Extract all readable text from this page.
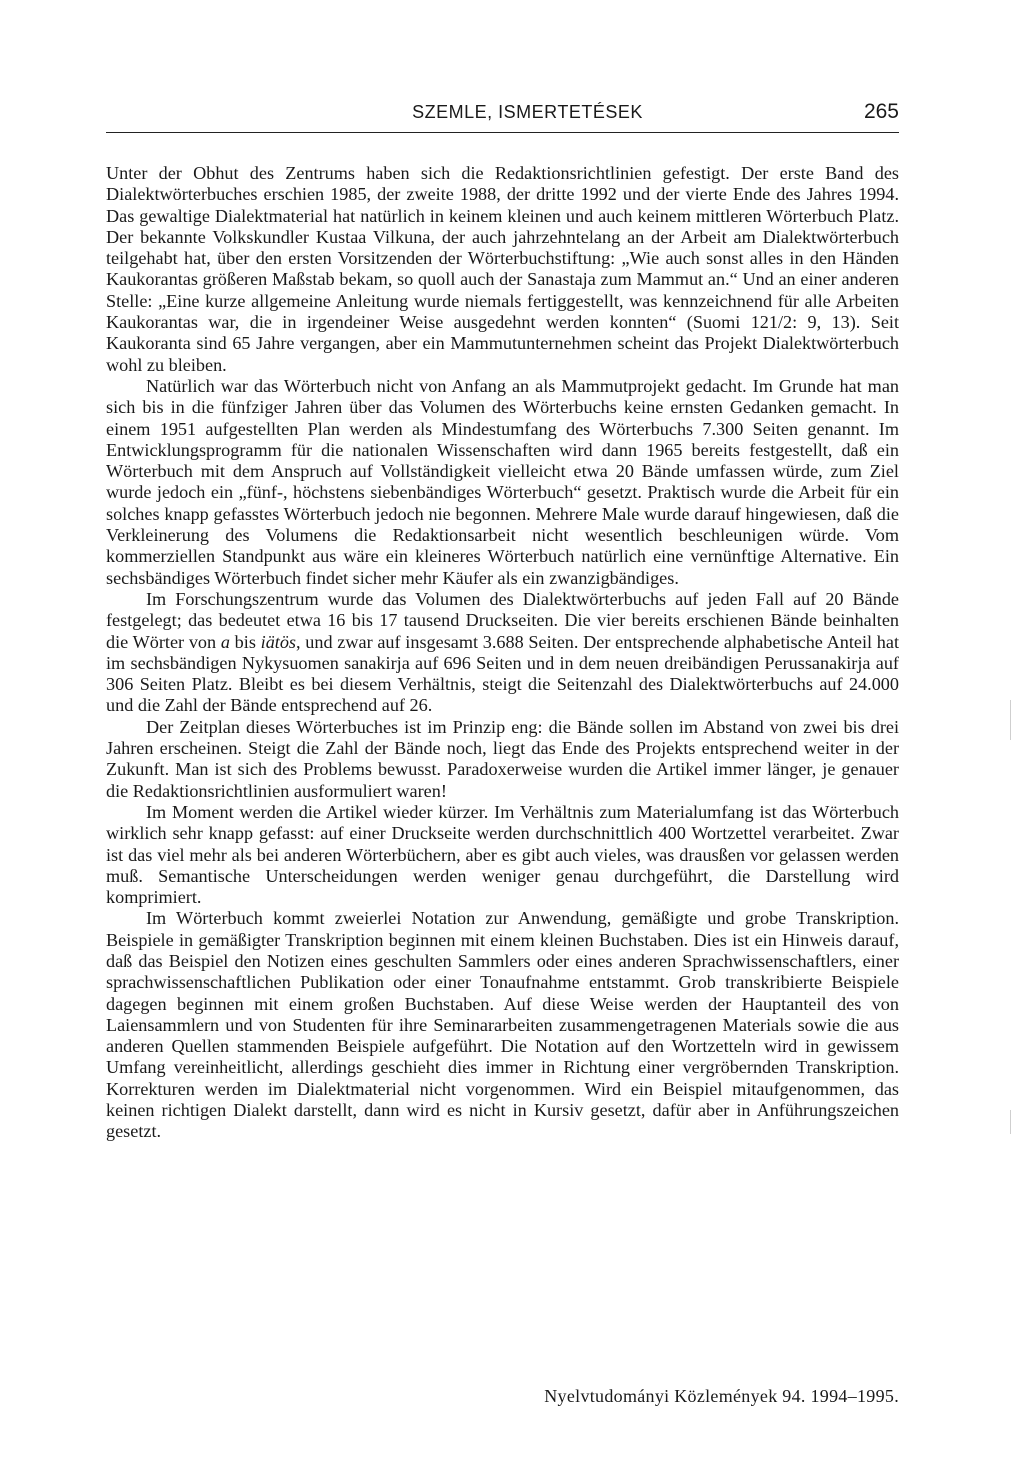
SZEMLE, ISMERTETÉSEK	265

Unter der Obhut des Zentrums haben sich die Redaktionsrichtlinien gefestigt. Der erste Band des Dialektwörterbuches erschien 1985, der zweite 1988, der dritte 1992 und der vierte Ende des Jahres 1994. Das gewaltige Dialektmaterial hat natürlich in keinem kleinen und auch keinem mittleren Wörterbuch Platz. Der bekannte Volkskundler Kustaa Vilkuna, der auch jahrzehntelang an der Arbeit am Dialektwörterbuch teilgehabt hat, über den ersten Vorsitzenden der Wörterbuchstiftung: „Wie auch sonst alles in den Händen Kaukorantas größeren Maßstab bekam, so quoll auch der Sanastaja zum Mammut an.“ Und an einer anderen Stelle: „Eine kurze allgemeine Anleitung wurde niemals fertiggestellt, was kennzeichnend für alle Arbeiten Kaukorantas war, die in irgendeiner Weise ausgedehnt werden konnten“ (Suomi 121/2: 9, 13). Seit Kaukoranta sind 65 Jahre vergangen, aber ein Mammutunternehmen scheint das Projekt Dialektwörterbuch wohl zu bleiben.

Natürlich war das Wörterbuch nicht von Anfang an als Mammutprojekt gedacht. Im Grunde hat man sich bis in die fünfziger Jahren über das Volumen des Wörterbuchs keine ernsten Gedanken gemacht. In einem 1951 aufgestellten Plan werden als Mindestumfang des Wörterbuchs 7.300 Seiten genannt. Im Entwicklungsprogramm für die nationalen Wissenschaften wird dann 1965 bereits festgestellt, daß ein Wörterbuch mit dem Anspruch auf Vollständigkeit vielleicht etwa 20 Bände umfassen würde, zum Ziel wurde jedoch ein „fünf-, höchstens siebenbändiges Wörterbuch“ gesetzt. Praktisch wurde die Arbeit für ein solches knapp gefasstes Wörterbuch jedoch nie begonnen. Mehrere Male wurde darauf hingewiesen, daß die Verkleinerung des Volumens die Redaktionsarbeit nicht wesentlich beschleunigen würde. Vom kommerziellen Standpunkt aus wäre ein kleineres Wörterbuch natürlich eine vernünftige Alternative. Ein sechsbändiges Wörterbuch findet sicher mehr Käufer als ein zwanzigbändiges.

Im Forschungszentrum wurde das Volumen des Dialektwörterbuchs auf jeden Fall auf 20 Bände festgelegt; das bedeutet etwa 16 bis 17 tausend Druckseiten. Die vier bereits erschienen Bände beinhalten die Wörter von a bis iätös, und zwar auf insgesamt 3.688 Seiten. Der entsprechende alphabetische Anteil hat im sechsbändigen Nykysuomen sanakirja auf 696 Seiten und in dem neuen dreibändigen Perussanakirja auf 306 Seiten Platz. Bleibt es bei diesem Verhältnis, steigt die Seitenzahl des Dialektwörterbuchs auf 24.000 und die Zahl der Bände entsprechend auf 26.

Der Zeitplan dieses Wörterbuches ist im Prinzip eng: die Bände sollen im Abstand von zwei bis drei Jahren erscheinen. Steigt die Zahl der Bände noch, liegt das Ende des Projekts entsprechend weiter in der Zukunft. Man ist sich des Problems bewusst. Paradoxerweise wurden die Artikel immer länger, je genauer die Redaktionsrichtlinien ausformuliert waren!

Im Moment werden die Artikel wieder kürzer. Im Verhältnis zum Materialumfang ist das Wörterbuch wirklich sehr knapp gefasst: auf einer Druckseite werden durchschnittlich 400 Wortzettel verarbeitet. Zwar ist das viel mehr als bei anderen Wörterbüchern, aber es gibt auch vieles, was drausßen vor gelassen werden muß. Semantische Unterscheidungen werden weniger genau durchgeführt, die Darstellung wird komprimiert.

Im Wörterbuch kommt zweierlei Notation zur Anwendung, gemäßigte und grobe Transkription. Beispiele in gemäßigter Transkription beginnen mit einem kleinen Buchstaben. Dies ist ein Hinweis darauf, daß das Beispiel den Notizen eines geschulten Sammlers oder eines anderen Sprachwissenschaftlers, einer sprachwissenschaftlichen Publikation oder einer Tonaufnahme entstammt. Grob transkribierte Beispiele dagegen beginnen mit einem großen Buchstaben. Auf diese Weise werden der Hauptanteil des von Laiensammlern und von Studenten für ihre Seminararbeiten zusammengetragenen Materials sowie die aus anderen Quellen stammenden Beispiele aufgeführt. Die Notation auf den Wortzetteln wird in gewissem Umfang vereinheitlicht, allerdings geschieht dies immer in Richtung einer vergröbernden Transkription. Korrekturen werden im Dialektmaterial nicht vorgenommen. Wird ein Beispiel mitaufgenommen, das keinen richtigen Dialekt darstellt, dann wird es nicht in Kursiv gesetzt, dafür aber in Anführungszeichen gesetzt.

Nyelvtudományi Közlemények 94. 1994–1995.
